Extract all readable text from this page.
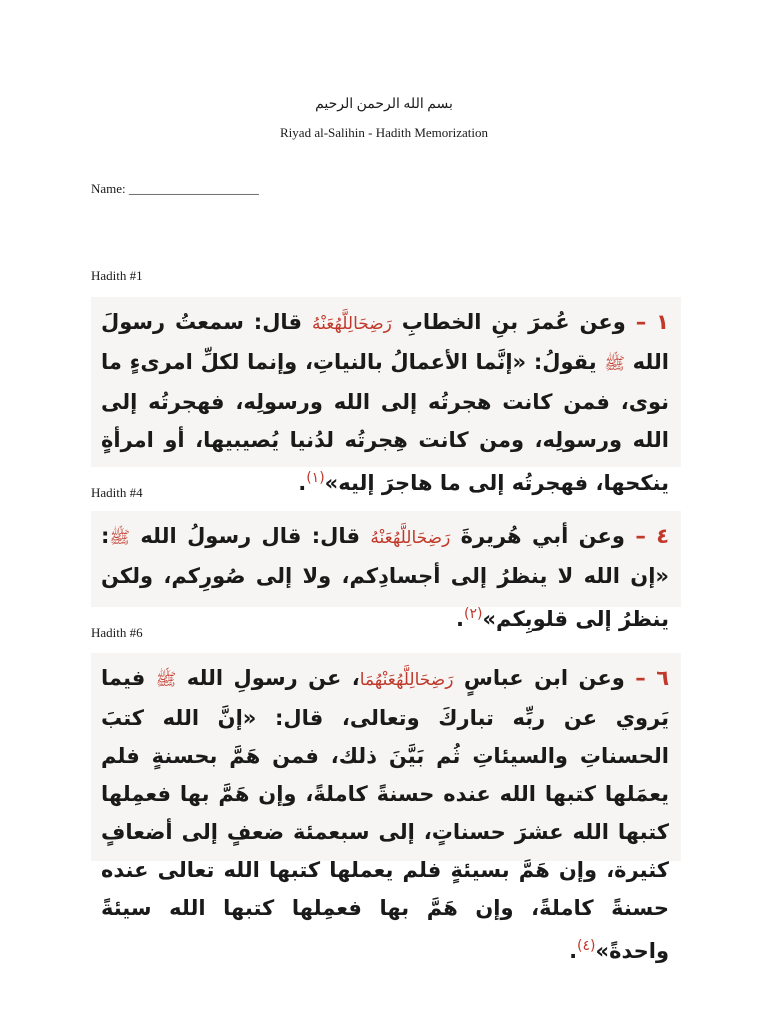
بسم الله الرحمن الرحيم
Riyad al-Salihin - Hadith Memorization
Name: ____________________
Hadith #1
١ – وعن عُمرَ بنِ الخطابِ رَضِحَالِلَّهُعَنْهُ قال: سمعتُ رسولَ الله ﷺ يقولُ: «إنَّما الأعمالُ بالنياتِ، وإنما لكلِّ امرىءٍ ما نوى، فمن كانت هجرتُه إلى الله ورسولِه، فهجرتُه إلى الله ورسولِه، ومن كانت هِجرتُه لدُنيا يُصيبيها، أو امرأةٍ ينكحها، فهجرتُه إلى ما هاجرَ إليه»$^{(١)}$.
Hadith #4
٤ – وعن أبي هُريرةَ رَضِحَالِلَّهُعَنْهُ قال: قال رسولُ الله ﷺ: «إن الله لا ينظرُ إلى أجسادِكم، ولا إلى صُورِكم، ولكن ينظرُ إلى قلوبِكم»$^{(٢)}$.
Hadith #6
٦ – وعن ابن عباسٍ رَضِحَالِلَّهُعَنْهُمَا، عن رسولِ الله ﷺ فيما يَروي عن ربِّه تباركَ وتعالى، قال: «إنَّ الله كتبَ الحسناتِ والسيئاتِ ثُم بَيَّنَ ذلك، فمن هَمَّ بحسنةٍ فلم يعمَلها كتبها الله عنده حسنةً كاملةً، وإن هَمَّ بها فعمِلها كتبها الله عشرَ حسناتٍ، إلى سبعمئة ضعفٍ إلى أضعافٍ كثيرة، وإن هَمَّ بسيئةٍ فلم يعملها كتبها الله تعالى عنده حسنةً كاملةً، وإن هَمَّ بها فعمِلها كتبها الله سيئةً واحدةً»$^{(٤)}$.
